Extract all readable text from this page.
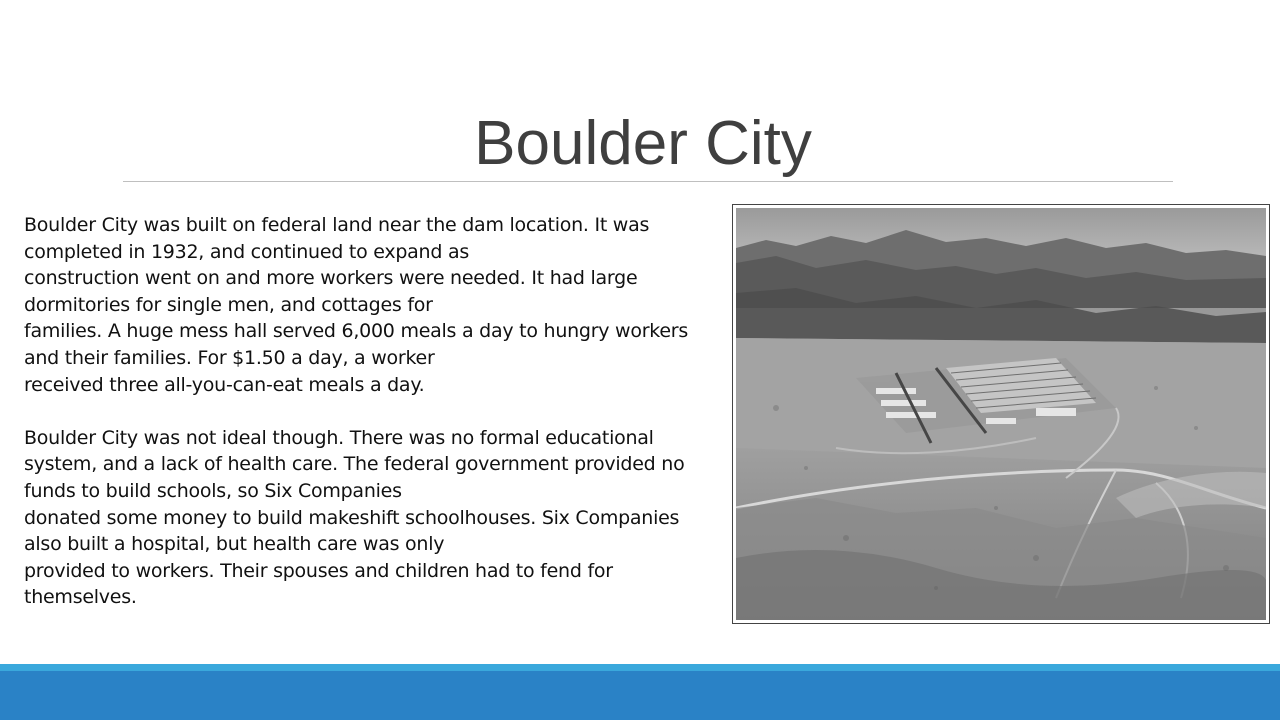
Boulder City
Boulder City was built on federal land near the dam location. It was
completed in 1932, and continued to expand as
construction went on and more workers were needed. It had large
dormitories for single men, and cottages for
families. A huge mess hall served 6,000 meals a day to hungry workers
and their families. For $1.50 a day, a worker
received three all-you-can-eat meals a day.
Boulder City was not ideal though. There was no formal educational
system, and a lack of health care. The federal government provided no
funds to build schools, so Six Companies
donated some money to build makeshift schoolhouses. Six Companies
also built a hospital, but health care was only
provided to workers. Their spouses and children had to fend for
themselves.
